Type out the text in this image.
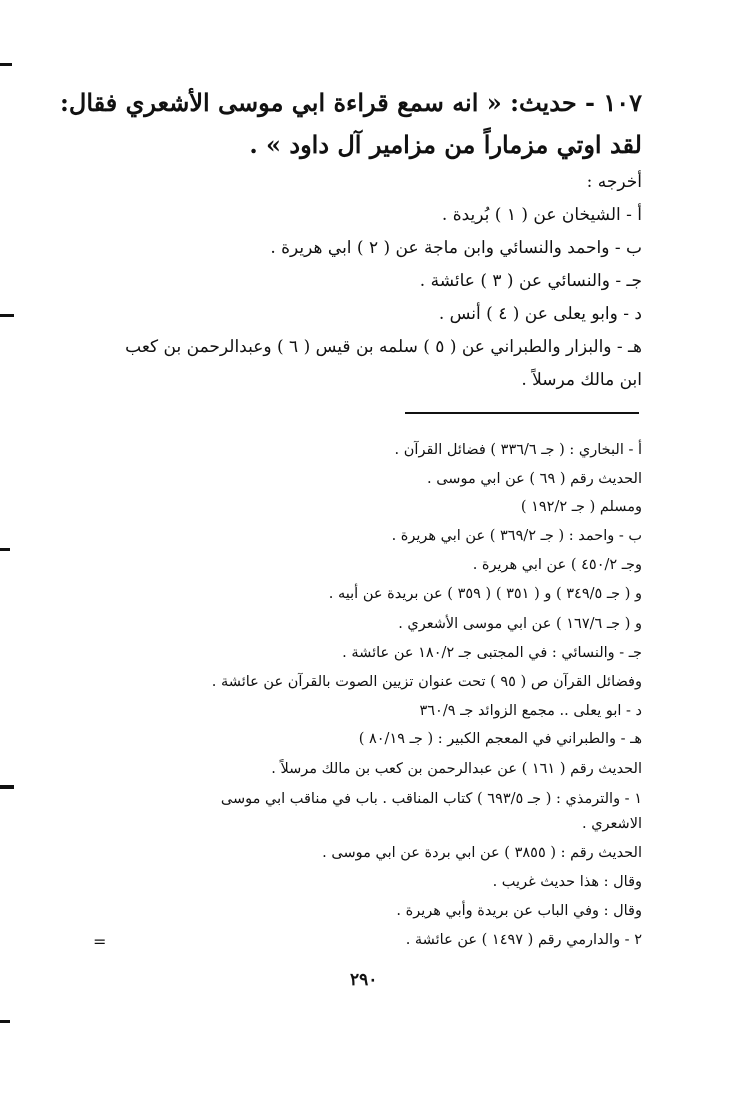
١٠٧ - حديث: « انه سمع قراءة ابي موسى الأشعري فقال:
لقد اوتي مزماراً من مزامير آل داود » .
أخرجه :
أ - الشيخان عن ( ١ ) بُريدة .
ب - واحمد والنسائي وابن ماجة عن ( ٢ ) ابي هريرة .
جـ - والنسائي عن ( ٣ ) عائشة .
د - وابو يعلى عن ( ٤ ) أنس .
هـ - والبزار والطبراني عن ( ٥ ) سلمه بن قيس ( ٦ ) وعبدالرحمن بن كعب
ابن مالك مرسلاً .
أ - البخاري : ( جـ ٣٣٦/٦ ) فضائل القرآن .
الحديث رقم ( ٦٩ ) عن ابي موسى .
ومسلم ( جـ ١٩٢/٢ )
ب - واحمد : ( جـ ٣٦٩/٢ ) عن ابي هريرة .
وجـ ٤٥٠/٢ ) عن ابي هريرة .
و ( جـ ٣٤٩/٥ ) و ( ٣٥١ ) ( ٣٥٩ ) عن بريدة عن أبيه .
و ( جـ ١٦٧/٦ ) عن ابي موسى الأشعري .
جـ - والنسائي : في المجتبى جـ ١٨٠/٢ عن عائشة .
وفضائل القرآن ص ( ٩٥ ) تحت عنوان تزيين الصوت بالقرآن عن عائشة .
د - ابو يعلى .. مجمع الزوائد جـ ٣٦٠/٩
هـ - والطبراني في المعجم الكبير : ( جـ ٨٠/١٩ )
الحديث رقم ( ١٦١ ) عن عبدالرحمن بن كعب بن مالك مرسلاً .
١ - والترمذي : ( جـ ٦٩٣/٥ ) كتاب المناقب . باب في مناقب ابي موسى
الاشعري .
الحديث رقم : ( ٣٨٥٥ ) عن ابي بردة عن ابي موسى .
وقال : هذا حديث غريب .
وقال : وفي الباب عن بريدة وأبي هريرة .
٢ - والدارمي رقم ( ١٤٩٧ ) عن عائشة .
=
٢٩٠
